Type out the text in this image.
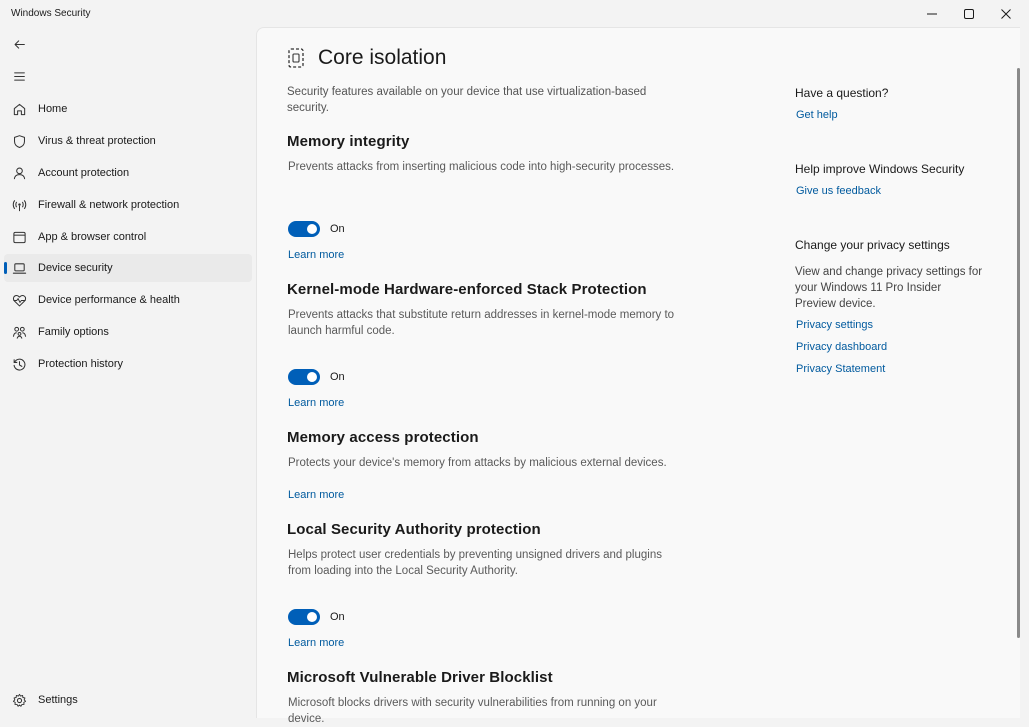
Windows Security
Home
Virus & threat protection
Account protection
Firewall & network protection
App & browser control
Device security
Device performance & health
Family options
Protection history
Settings
Core isolation
Security features available on your device that use virtualization-based security.
Memory integrity
Prevents attacks from inserting malicious code into high-security processes.
On
Learn more
Kernel-mode Hardware-enforced Stack Protection
Prevents attacks that substitute return addresses in kernel-mode memory to launch harmful code.
On
Learn more
Memory access protection
Protects your device's memory from attacks by malicious external devices.
Learn more
Local Security Authority protection
Helps protect user credentials by preventing unsigned drivers and plugins from loading into the Local Security Authority.
On
Learn more
Microsoft Vulnerable Driver Blocklist
Microsoft blocks drivers with security vulnerabilities from running on your device.
Have a question?
Get help
Help improve Windows Security
Give us feedback
Change your privacy settings
View and change privacy settings for your Windows 11 Pro Insider Preview device.
Privacy settings
Privacy dashboard
Privacy Statement
